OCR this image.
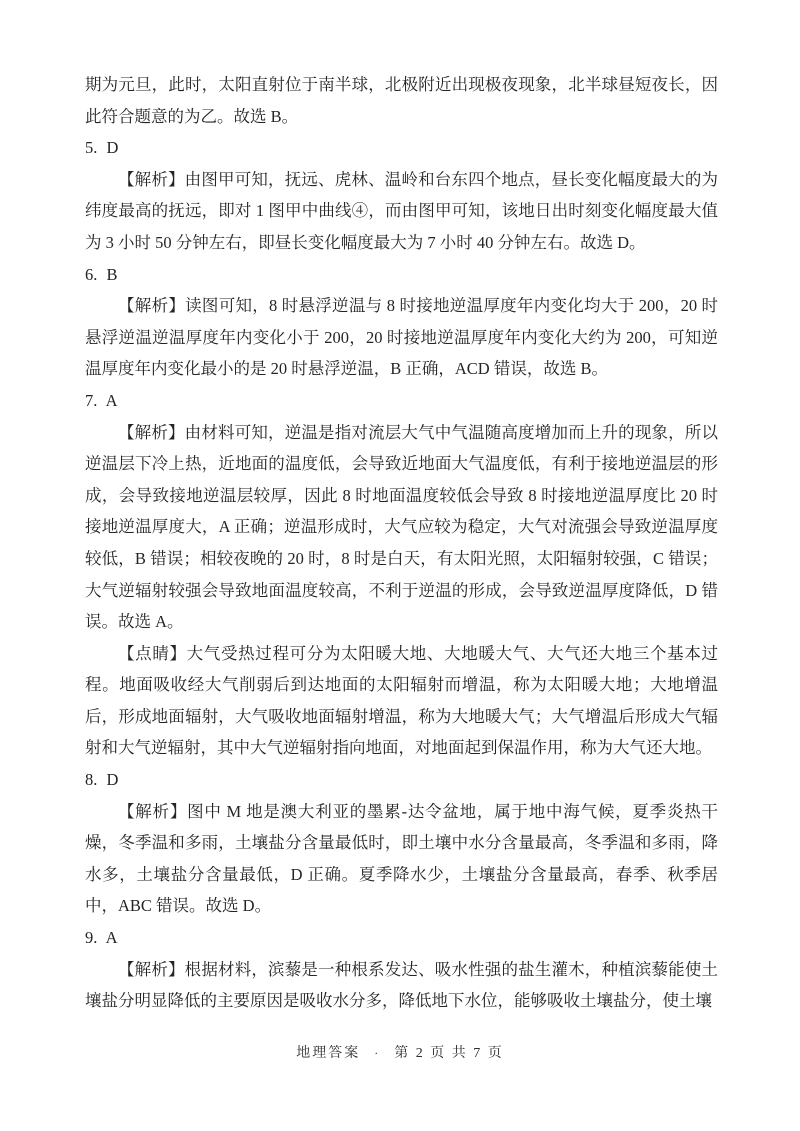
期为元旦，此时，太阳直射位于南半球，北极附近出现极夜现象，北半球昼短夜长，因此符合题意的为乙。故选 B。

5. D

【解析】由图甲可知，抚远、虎林、温岭和台东四个地点，昼长变化幅度最大的为纬度最高的抚远，即对 1 图甲中曲线④，而由图甲可知，该地日出时刻变化幅度最大值为 3 小时 50 分钟左右，即昼长变化幅度最大为 7 小时 40 分钟左右。故选 D。

6. B

【解析】读图可知，8 时悬浮逆温与 8 时接地逆温厚度年内变化均大于 200，20 时悬浮逆温逆温厚度年内变化小于 200，20 时接地逆温厚度年内变化大约为 200，可知逆温厚度年内变化最小的是 20 时悬浮逆温，B 正确，ACD 错误，故选 B。

7. A

【解析】由材料可知，逆温是指对流层大气中气温随高度增加而上升的现象，所以逆温层下冷上热，近地面的温度低，会导致近地面大气温度低，有利于接地逆温层的形成，会导致接地逆温层较厚，因此 8 时地面温度较低会导致 8 时接地逆温厚度比 20 时接地逆温厚度大，A 正确；逆温形成时，大气应较为稳定，大气对流强会导致逆温厚度较低，B 错误；相较夜晚的 20 时，8 时是白天，有太阳光照，太阳辐射较强，C 错误；大气逆辐射较强会导致地面温度较高，不利于逆温的形成，会导致逆温厚度降低，D 错误。故选 A。

【点睛】大气受热过程可分为太阳暖大地、大地暖大气、大气还大地三个基本过程。地面吸收经大气削弱后到达地面的太阳辐射而增温，称为太阳暖大地；大地增温后，形成地面辐射，大气吸收地面辐射增温，称为大地暖大气；大气增温后形成大气辐射和大气逆辐射，其中大气逆辐射指向地面，对地面起到保温作用，称为大气还大地。

8. D

【解析】图中 M 地是澳大利亚的墨累-达令盆地，属于地中海气候，夏季炎热干燥，冬季温和多雨，土壤盐分含量最低时，即土壤中水分含量最高，冬季温和多雨，降水多，土壤盐分含量最低，D 正确。夏季降水少，土壤盐分含量最高，春季、秋季居中，ABC 错误。故选 D。

9. A

【解析】根据材料，滨藜是一种根系发达、吸水性强的盐生灌木，种植滨藜能使土壤盐分明显降低的主要原因是吸收水分多，降低地下水位，能够吸收土壤盐分，使土壤

地理答案 · 第 2 页 共 7 页
